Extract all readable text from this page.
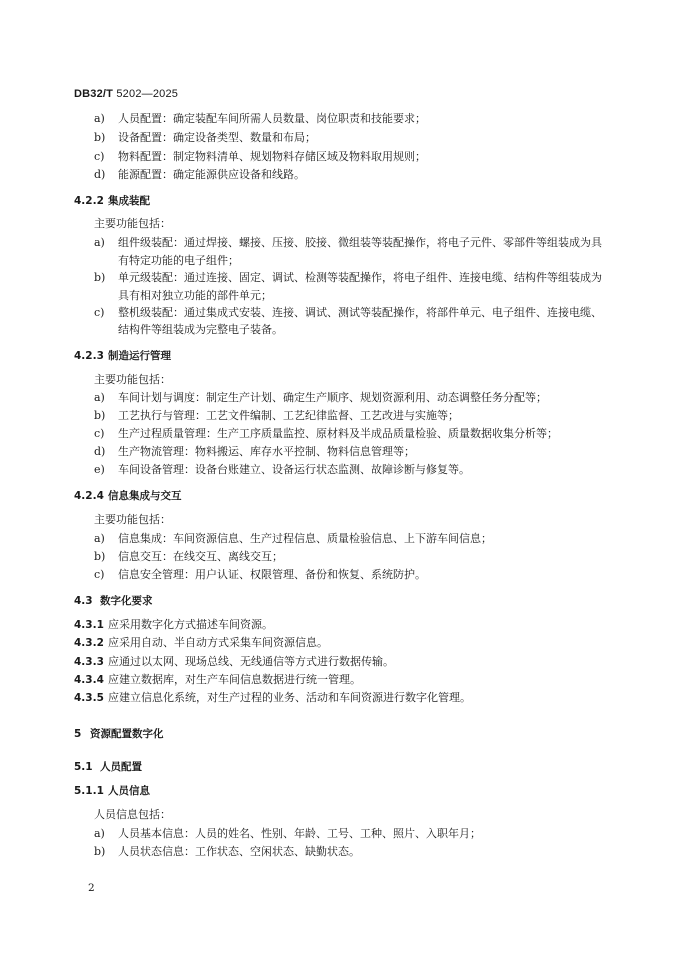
DB32/T 5202—2025
a) 人员配置：确定装配车间所需人员数量、岗位职责和技能要求；
b) 设备配置：确定设备类型、数量和布局；
c) 物料配置：制定物料清单、规划物料存储区域及物料取用规则；
d) 能源配置：确定能源供应设备和线路。
4.2.2 集成装配
主要功能包括：
a) 组件级装配：通过焊接、螺接、压接、胶接、微组装等装配操作，将电子元件、零部件等组装成为具
有特定功能的电子组件；
b) 单元级装配：通过连接、固定、调试、检测等装配操作，将电子组件、连接电缆、结构件等组装成为
具有相对独立功能的部件单元；
c) 整机级装配：通过集成式安装、连接、调试、测试等装配操作，将部件单元、电子组件、连接电缆、
结构件等组装成为完整电子装备。
4.2.3 制造运行管理
主要功能包括：
a) 车间计划与调度：制定生产计划、确定生产顺序、规划资源利用、动态调整任务分配等；
b) 工艺执行与管理：工艺文件编制、工艺纪律监督、工艺改进与实施等；
c) 生产过程质量管理：生产工序质量监控、原材料及半成品质量检验、质量数据收集分析等；
d) 生产物流管理：物料搬运、库存水平控制、物料信息管理等；
e) 车间设备管理：设备台账建立、设备运行状态监测、故障诊断与修复等。
4.2.4 信息集成与交互
主要功能包括：
a) 信息集成：车间资源信息、生产过程信息、质量检验信息、上下游车间信息；
b) 信息交互：在线交互、离线交互；
c) 信息安全管理：用户认证、权限管理、备份和恢复、系统防护。
4.3 数字化要求
4.3.1 应采用数字化方式描述车间资源。
4.3.2 应采用自动、半自动方式采集车间资源信息。
4.3.3 应通过以太网、现场总线、无线通信等方式进行数据传输。
4.3.4 应建立数据库，对生产车间信息数据进行统一管理。
4.3.5 应建立信息化系统，对生产过程的业务、活动和车间资源进行数字化管理。
5 资源配置数字化
5.1 人员配置
5.1.1 人员信息
人员信息包括：
a) 人员基本信息：人员的姓名、性别、年龄、工号、工种、照片、入职年月；
b) 人员状态信息：工作状态、空闲状态、缺勤状态。
2
